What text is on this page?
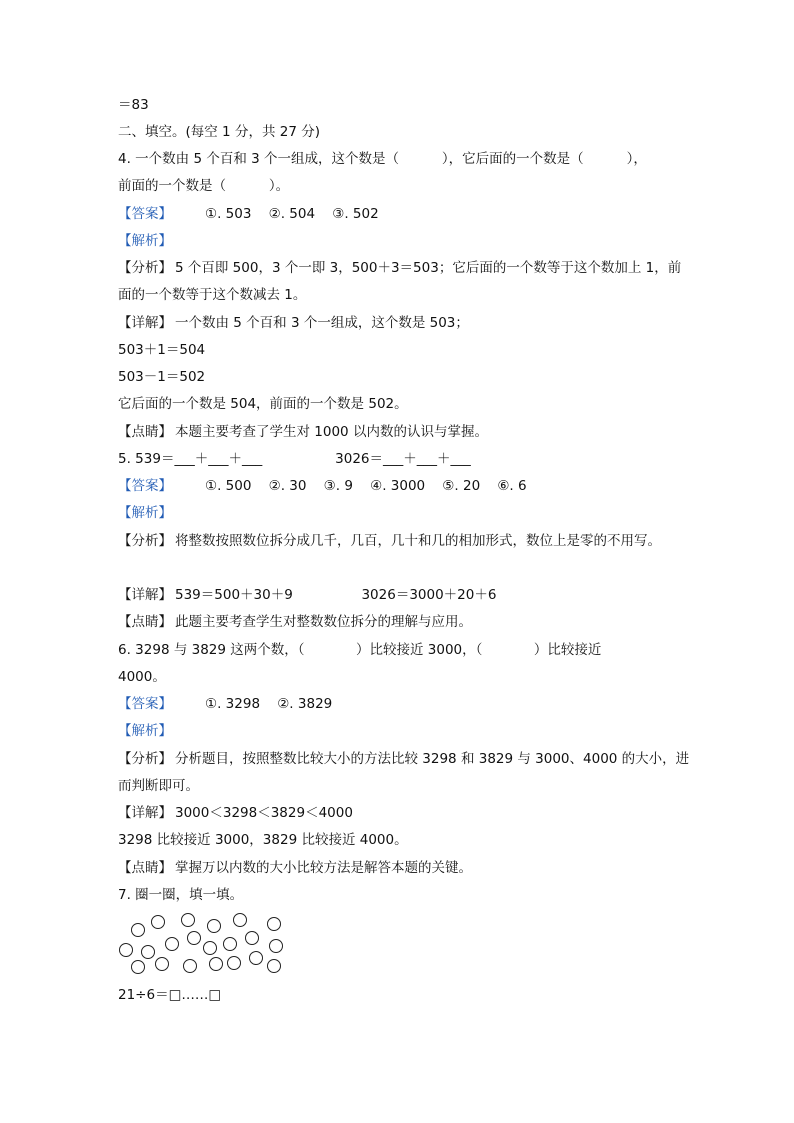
＝83
二、填空。(每空 1 分，共 27 分)
4. 一个数由 5 个百和 3 个一组成，这个数是（          ），它后面的一个数是（          ），
前面的一个数是（          ）。
【答案】 ①. 503    ②. 504    ③. 502
【解析】
【分析】 5 个百即 500，3 个一即 3，500＋3＝503；它后面的一个数等于这个数加上 1，前
面的一个数等于这个数减去 1。
【详解】 一个数由 5 个百和 3 个一组成，这个数是 503；
503＋1＝504
503－1＝502
它后面的一个数是 504，前面的一个数是 502。
【点睛】 本题主要考查了学生对 1000 以内数的认识与掌握。
5. 539＝___＋___＋___                 3026＝___＋___＋___
【答案】 ①. 500    ②. 30    ③. 9    ④. 3000    ⑤. 20    ⑥. 6
【解析】
【分析】 将整数按照数位拆分成几千，几百，几十和几的相加形式，数位上是零的不用写。
【详解】 539＝500＋30＋9                3026＝3000＋20＋6
【点睛】 此题主要考查学生对整数数位拆分的理解与应用。
6. 3298 与 3829 这两个数，（            ）比较接近 3000，（            ）比较接近
4000。
【答案】 ①. 3298    ②. 3829
【解析】
【分析】 分析题目，按照整数比较大小的方法比较 3298 和 3829 与 3000、4000 的大小，进
而判断即可。
【详解】 3000＜3298＜3829＜4000
3298 比较接近 3000，3829 比较接近 4000。
【点睛】 掌握万以内数的大小比较方法是解答本题的关键。
7. 圈一圈，填一填。
21÷6＝□……□
